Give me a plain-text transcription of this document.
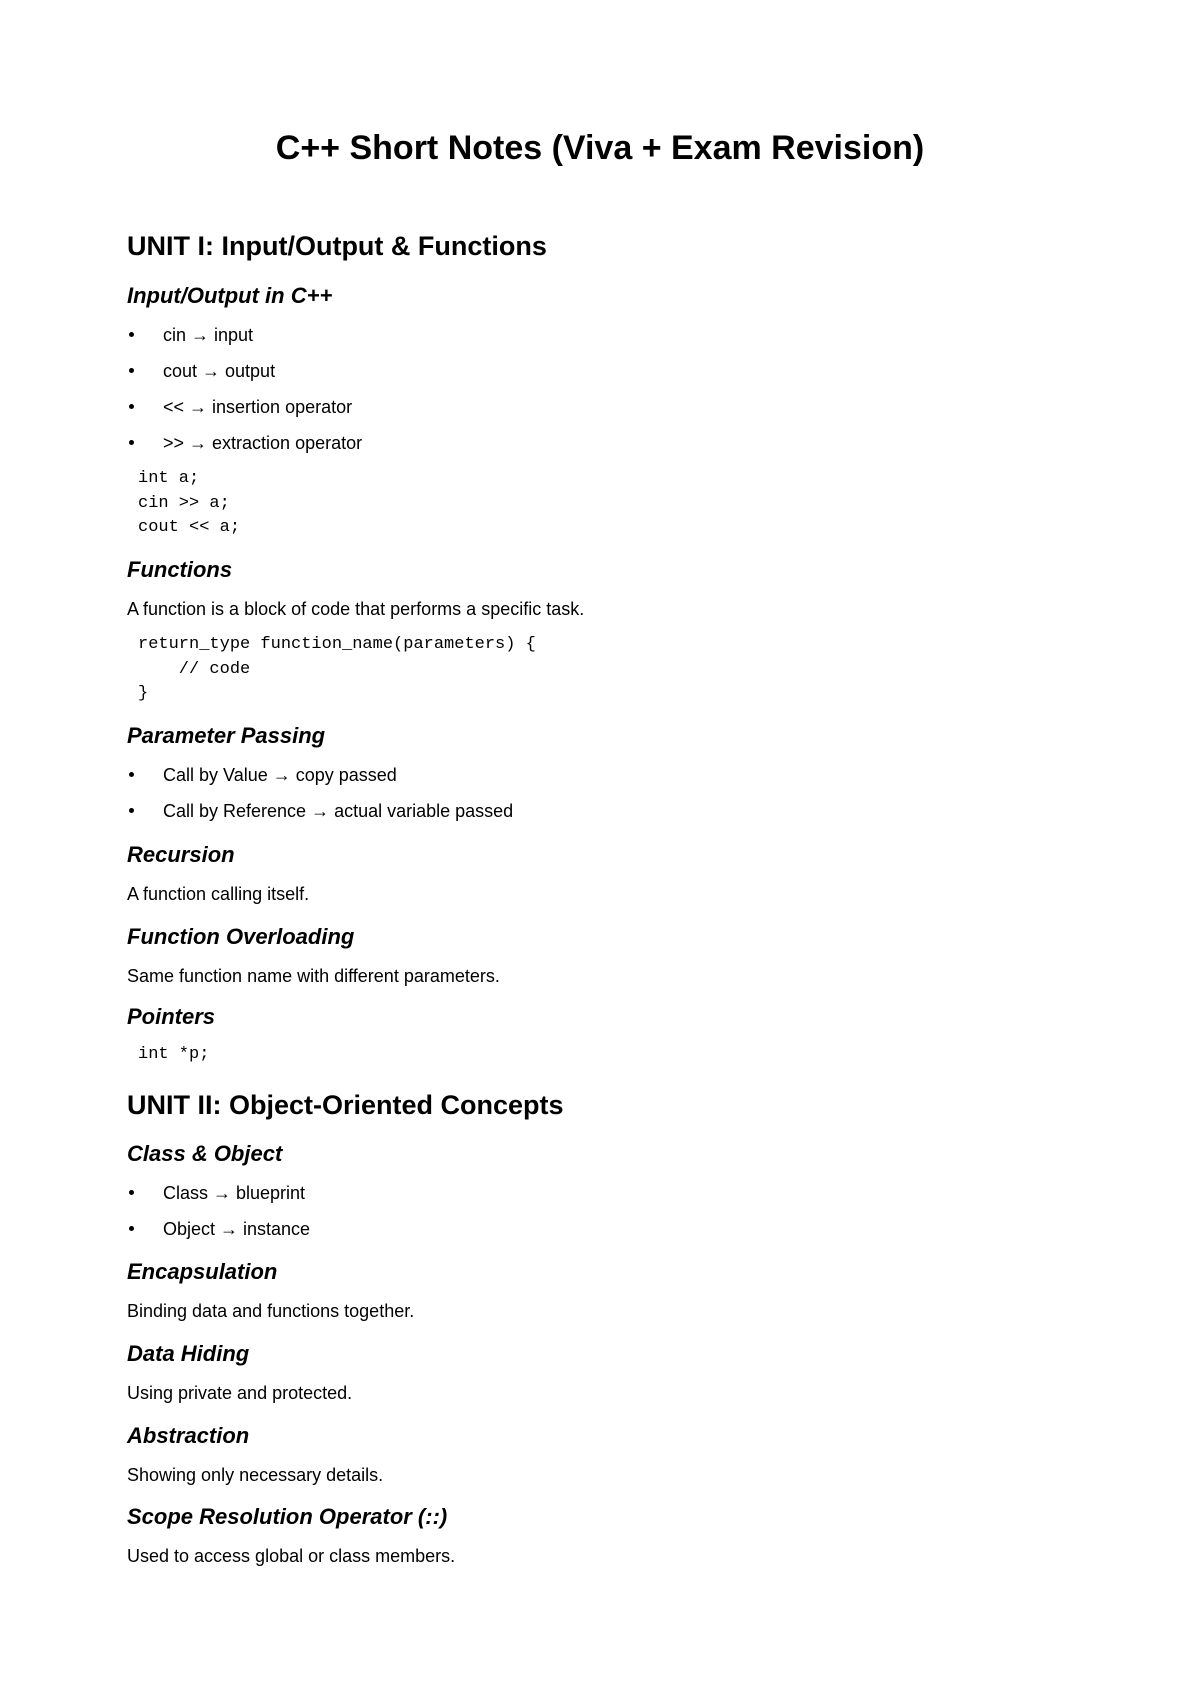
C++ Short Notes (Viva + Exam Revision)
UNIT I: Input/Output & Functions
Input/Output in C++
cin → input
cout → output
<< → insertion operator
>> → extraction operator
int a;
cin >> a;
cout << a;
Functions

A function is a block of code that performs a specific task.

return_type function_name(parameters) {
// code
}
Parameter Passing
Call by Value → copy passed
Call by Reference → actual variable passed
Recursion

A function calling itself.

Function Overloading

Same function name with different parameters.

Pointers
int *p;
UNIT II: Object-Oriented Concepts
Class & Object
Class → blueprint
Object → instance
Encapsulation

Binding data and functions together.

Data Hiding

Using private and protected.

Abstraction

Showing only necessary details.

Scope Resolution Operator (::)

Used to access global or class members.
